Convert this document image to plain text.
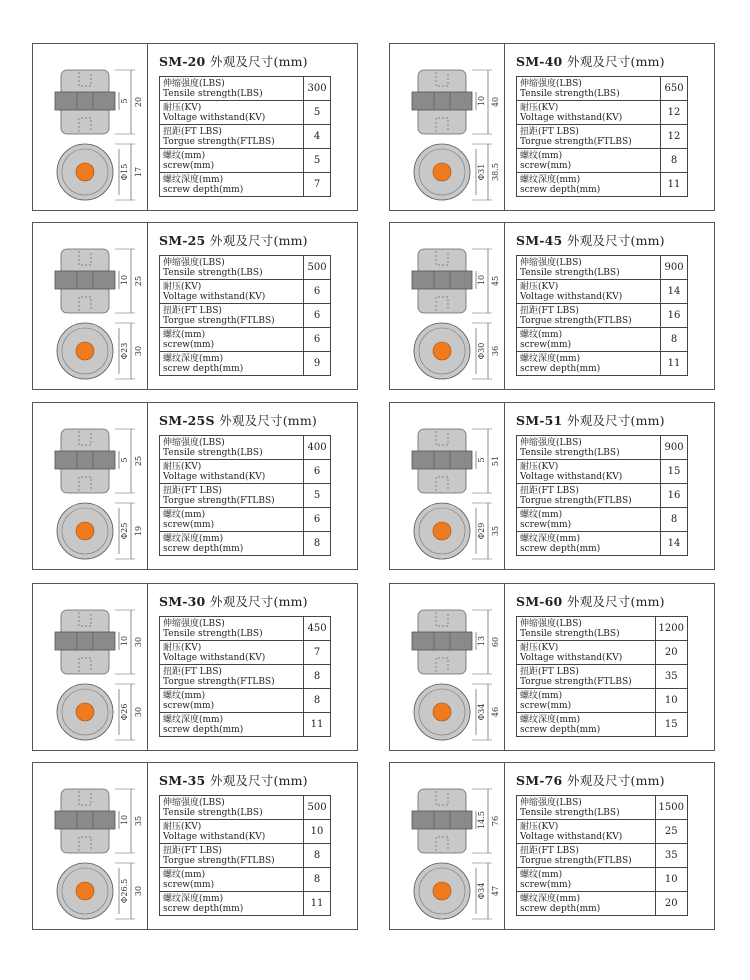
20
5
Φ15 17
SM-20 外观及尺寸(mm)
伸缩强度(LBS)
Tensile strength(LBS)	300

耐压(KV)
Voltage withstand(KV)	5

扭距(FT LBS)
Torgue strength(FTLBS)	4

螺纹(mm)
screw(mm)	5

螺纹深度(mm)
screw depth(mm)	7
40
10
Φ31 38.5
SM-40 外观及尺寸(mm)
伸缩强度(LBS)
Tensile strength(LBS)	650

耐压(KV)
Voltage withstand(KV)	12

扭距(FT LBS)
Torgue strength(FTLBS)	12

螺纹(mm)
screw(mm)	8

螺纹深度(mm)
screw depth(mm)	11
25
10
Φ23 30
SM-25 外观及尺寸(mm)
伸缩强度(LBS)
Tensile strength(LBS)	500

耐压(KV)
Voltage withstand(KV)	6

扭距(FT LBS)
Torgue strength(FTLBS)	6

螺纹(mm)
screw(mm)	6

螺纹深度(mm)
screw depth(mm)	9
45
10
Φ30 36
SM-45 外观及尺寸(mm)
伸缩强度(LBS)
Tensile strength(LBS)	900

耐压(KV)
Voltage withstand(KV)	14

扭距(FT LBS)
Torgue strength(FTLBS)	16

螺纹(mm)
screw(mm)	8

螺纹深度(mm)
screw depth(mm)	11
25
5
Φ25 19
SM-25S 外观及尺寸(mm)
伸缩强度(LBS)
Tensile strength(LBS)	400

耐压(KV)
Voltage withstand(KV)	6

扭距(FT LBS)
Torgue strength(FTLBS)	5

螺纹(mm)
screw(mm)	6

螺纹深度(mm)
screw depth(mm)	8
51
5
Φ29 35
SM-51 外观及尺寸(mm)
伸缩强度(LBS)
Tensile strength(LBS)	900

耐压(KV)
Voltage withstand(KV)	15

扭距(FT LBS)
Torgue strength(FTLBS)	16

螺纹(mm)
screw(mm)	8

螺纹深度(mm)
screw depth(mm)	14
30
10
Φ26 30
SM-30 外观及尺寸(mm)
伸缩强度(LBS)
Tensile strength(LBS)	450

耐压(KV)
Voltage withstand(KV)	7

扭距(FT LBS)
Torgue strength(FTLBS)	8

螺纹(mm)
screw(mm)	8

螺纹深度(mm)
screw depth(mm)	11
60
13
Φ34 46
SM-60 外观及尺寸(mm)
伸缩强度(LBS)
Tensile strength(LBS)	1200

耐压(KV)
Voltage withstand(KV)	20

扭距(FT LBS)
Torgue strength(FTLBS)	35

螺纹(mm)
screw(mm)	10

螺纹深度(mm)
screw depth(mm)	15
35
10
Φ26.5 30
SM-35 外观及尺寸(mm)
伸缩强度(LBS)
Tensile strength(LBS)	500

耐压(KV)
Voltage withstand(KV)	10

扭距(FT LBS)
Torgue strength(FTLBS)	8

螺纹(mm)
screw(mm)	8

螺纹深度(mm)
screw depth(mm)	11
76
14.5
Φ34 47
SM-76 外观及尺寸(mm)
伸缩强度(LBS)
Tensile strength(LBS)	1500

耐压(KV)
Voltage withstand(KV)	25

扭距(FT LBS)
Torgue strength(FTLBS)	35

螺纹(mm)
screw(mm)	10

螺纹深度(mm)
screw depth(mm)	20
